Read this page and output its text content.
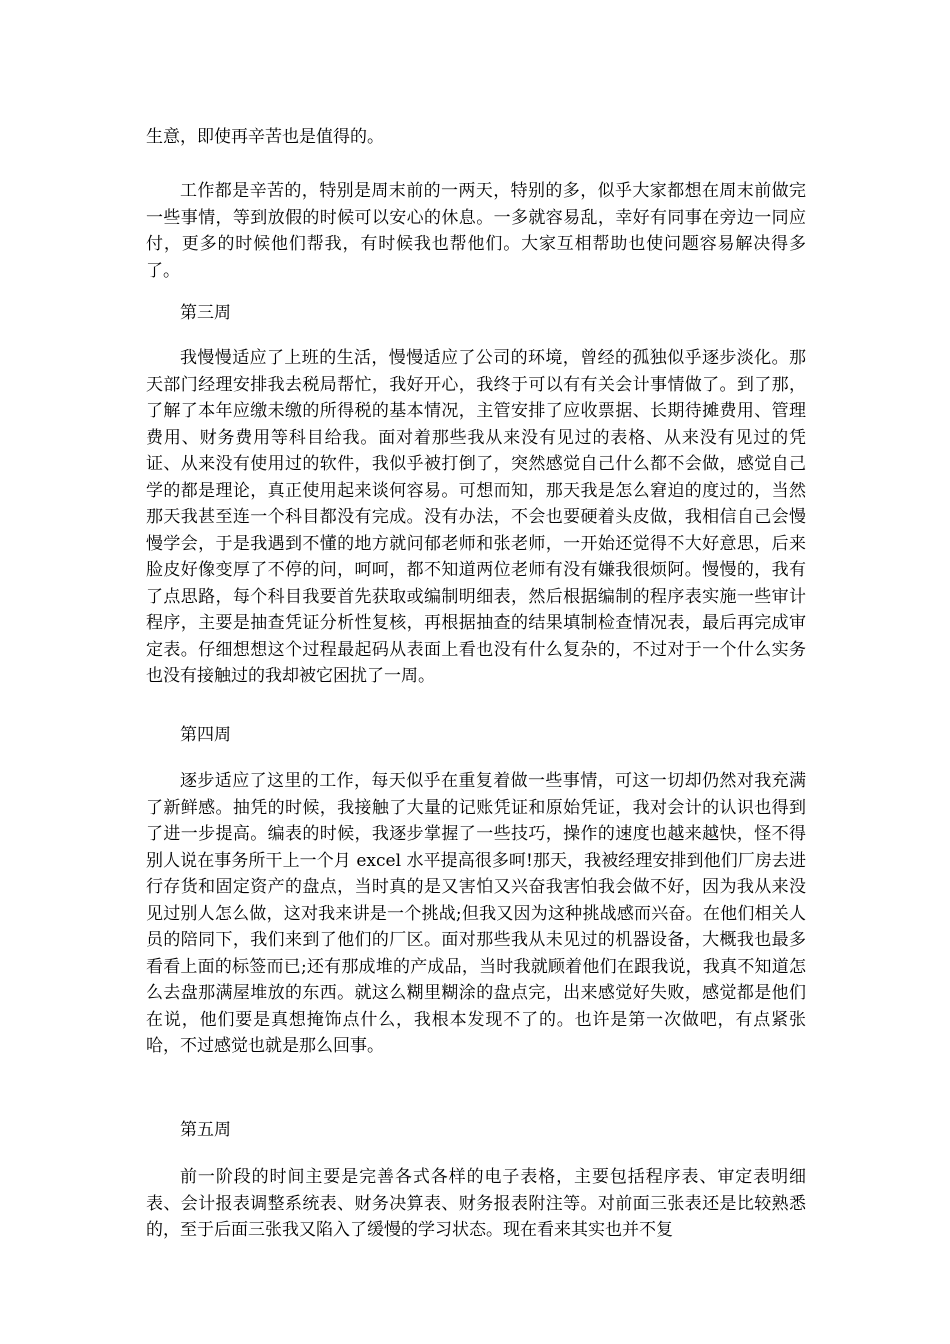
生意，即使再辛苦也是值得的。

工作都是辛苦的，特别是周末前的一两天，特别的多，似乎大家都想在周末前做完一些事情，等到放假的时候可以安心的休息。一多就容易乱，幸好有同事在旁边一同应付，更多的时候他们帮我，有时候我也帮他们。大家互相帮助也使问题容易解决得多了。

第三周

我慢慢适应了上班的生活，慢慢适应了公司的环境，曾经的孤独似乎逐步淡化。那天部门经理安排我去税局帮忙，我好开心，我终于可以有有关会计事情做了。到了那，了解了本年应缴未缴的所得税的基本情况，主管安排了应收票据、长期待摊费用、管理费用、财务费用等科目给我。面对着那些我从来没有见过的表格、从来没有见过的凭证、从来没有使用过的软件，我似乎被打倒了，突然感觉自己什么都不会做，感觉自己学的都是理论，真正使用起来谈何容易。可想而知，那天我是怎么窘迫的度过的，当然那天我甚至连一个科目都没有完成。没有办法，不会也要硬着头皮做，我相信自己会慢慢学会，于是我遇到不懂的地方就问郁老师和张老师，一开始还觉得不大好意思，后来脸皮好像变厚了不停的问，呵呵，都不知道两位老师有没有嫌我很烦阿。慢慢的，我有了点思路，每个科目我要首先获取或编制明细表，然后根据编制的程序表实施一些审计程序，主要是抽查凭证分析性复核，再根据抽查的结果填制检查情况表，最后再完成审定表。仔细想想这个过程最起码从表面上看也没有什么复杂的，不过对于一个什么实务也没有接触过的我却被它困扰了一周。

第四周

逐步适应了这里的工作，每天似乎在重复着做一些事情，可这一切却仍然对我充满了新鲜感。抽凭的时候，我接触了大量的记账凭证和原始凭证，我对会计的认识也得到了进一步提高。编表的时候，我逐步掌握了一些技巧，操作的速度也越来越快，怪不得别人说在事务所干上一个月 excel 水平提高很多呵!那天，我被经理安排到他们厂房去进行存货和固定资产的盘点，当时真的是又害怕又兴奋我害怕我会做不好，因为我从来没见过别人怎么做，这对我来讲是一个挑战;但我又因为这种挑战感而兴奋。在他们相关人员的陪同下，我们来到了他们的厂区。面对那些我从未见过的机器设备，大概我也最多看看上面的标签而已;还有那成堆的产成品，当时我就顾着他们在跟我说，我真不知道怎么去盘那满屋堆放的东西。就这么糊里糊涂的盘点完，出来感觉好失败，感觉都是他们在说，他们要是真想掩饰点什么，我根本发现不了的。也许是第一次做吧，有点紧张哈，不过感觉也就是那么回事。

第五周

前一阶段的时间主要是完善各式各样的电子表格，主要包括程序表、审定表明细表、会计报表调整系统表、财务决算表、财务报表附注等。对前面三张表还是比较熟悉的，至于后面三张我又陷入了缓慢的学习状态。现在看来其实也并不复
